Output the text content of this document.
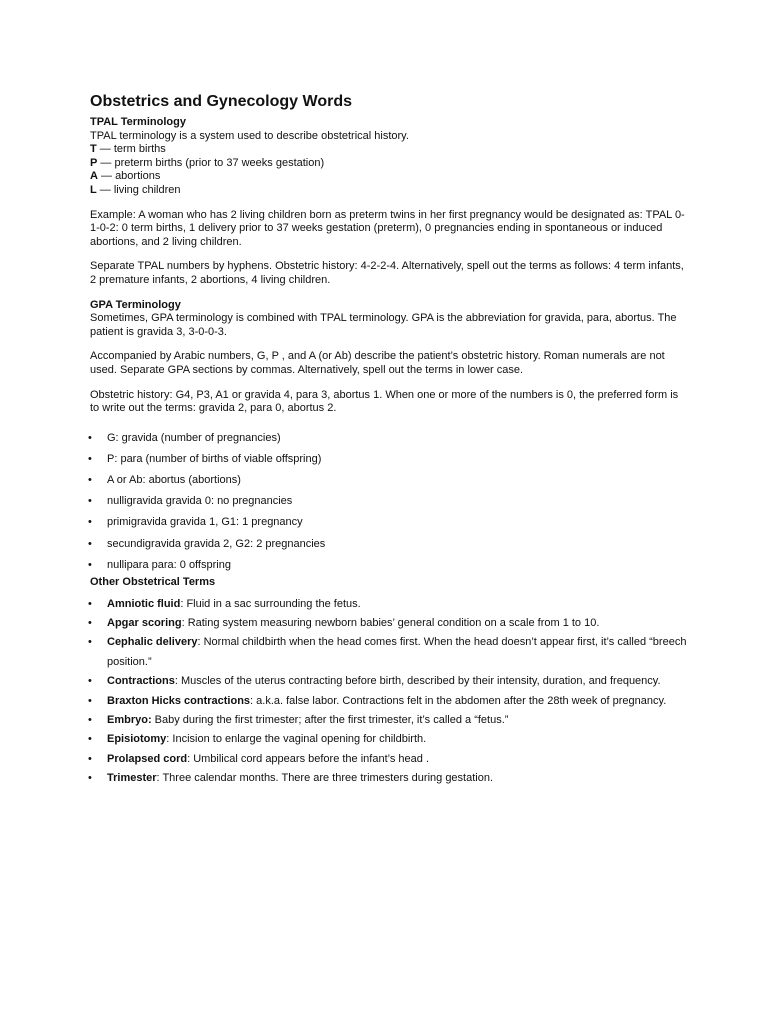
Obstetrics and Gynecology Words
TPAL Terminology

TPAL terminology is a system used to describe obstetrical history.

T — term births
P — preterm births (prior to 37 weeks gestation)
A — abortions
L — living children

Example: A woman who has 2 living children born as preterm twins in her first pregnancy would be designated as: TPAL 0-1-0-2: 0 term births, 1 delivery prior to 37 weeks gestation (preterm), 0 pregnancies ending in spontaneous or induced abortions, and 2 living children.

Separate TPAL numbers by hyphens. Obstetric history: 4-2-2-4. Alternatively, spell out the terms as follows: 4 term infants, 2 premature infants, 2 abortions, 4 living children.

GPA Terminology

Sometimes, GPA terminology is combined with TPAL terminology. GPA is the abbreviation for gravida, para, abortus. The patient is gravida 3, 3-0-0-3.

Accompanied by Arabic numbers, G, P , and A (or Ab) describe the patient’s obstetric history. Roman numerals are not used. Separate GPA sections by commas. Alternatively, spell out the terms in lower case.

Obstetric history: G4, P3, A1 or gravida 4, para 3, abortus 1. When one or more of the numbers is 0, the preferred form is to write out the terms: gravida 2, para 0, abortus 2.

• G: gravida (number of pregnancies)
• P: para (number of births of viable offspring)
• A or Ab: abortus (abortions)
• nulligravida gravida 0: no pregnancies
• primigravida gravida 1, G1: 1 pregnancy
• secundigravida gravida 2, G2: 2 pregnancies
• nullipara para: 0 offspring
Other Obstetrical Terms
• Amniotic fluid: Fluid in a sac surrounding the fetus.
• Apgar scoring: Rating system measuring newborn babies’ general condition on a scale from 1 to 10.
• Cephalic delivery: Normal childbirth when the head comes first. When the head doesn’t appear first, it’s called “breech position.”
• Contractions: Muscles of the uterus contracting before birth, described by their intensity, duration, and frequency.
• Braxton Hicks contractions: a.k.a. false labor. Contractions felt in the abdomen after the 28th week of pregnancy.
• Embryo: Baby during the first trimester; after the first trimester, it’s called a “fetus.”
• Episiotomy: Incision to enlarge the vaginal opening for childbirth.
• Prolapsed cord: Umbilical cord appears before the infant’s head .
• Trimester: Three calendar months. There are three trimesters during gestation.
